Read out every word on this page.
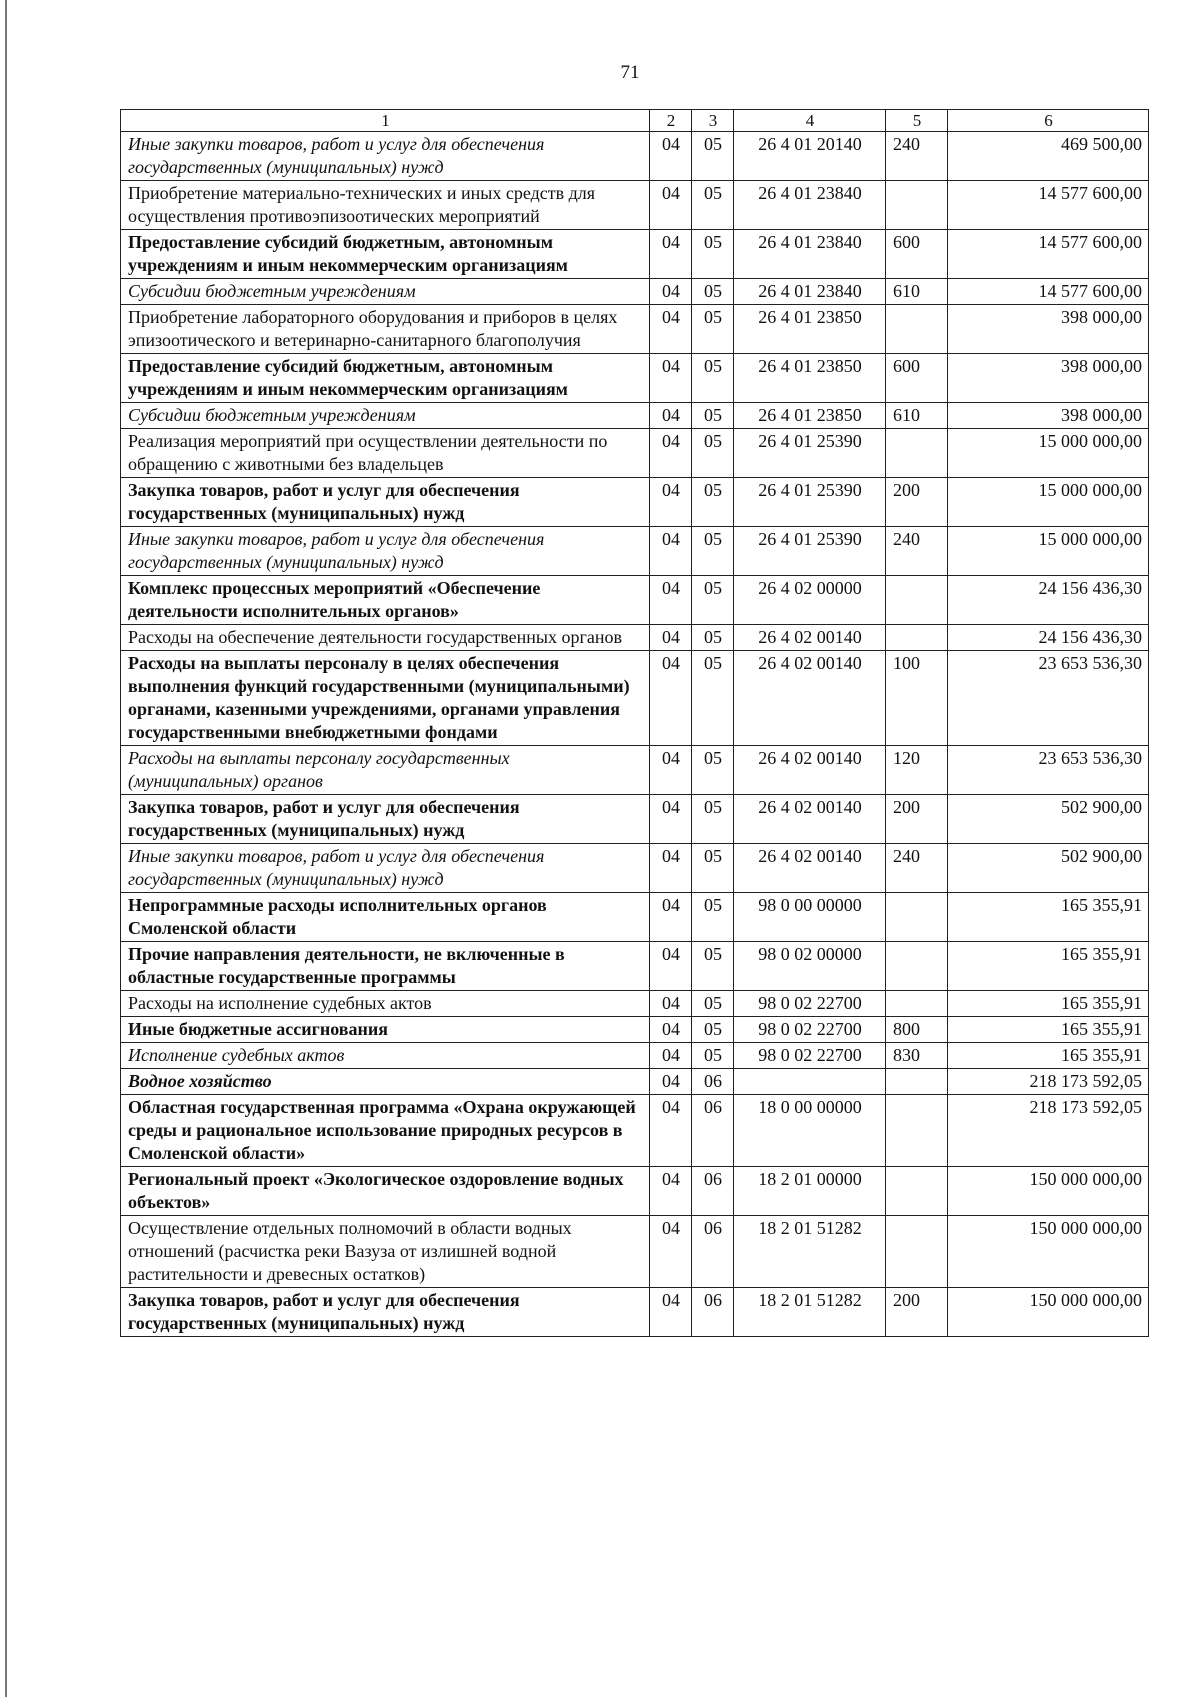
71
1	2	3	4	5	6
Иные закупки товаров, работ и услуг для обеспечения государственных (муниципальных) нужд	04	05	26 4 01 20140	240	469 500,00
Приобретение материально-технических и иных средств для осуществления противоэпизоотических мероприятий	04	05	26 4 01 23840		14 577 600,00
Предоставление субсидий бюджетным, автономным учреждениям и иным некоммерческим организациям	04	05	26 4 01 23840	600	14 577 600,00
Субсидии бюджетным учреждениям	04	05	26 4 01 23840	610	14 577 600,00
Приобретение лабораторного оборудования и приборов в целях эпизоотического и ветеринарно-санитарного благополучия	04	05	26 4 01 23850		398 000,00
Предоставление субсидий бюджетным, автономным учреждениям и иным некоммерческим организациям	04	05	26 4 01 23850	600	398 000,00
Субсидии бюджетным учреждениям	04	05	26 4 01 23850	610	398 000,00
Реализация мероприятий при осуществлении деятельности по обращению с животными без владельцев	04	05	26 4 01 25390		15 000 000,00
Закупка товаров, работ и услуг для обеспечения государственных (муниципальных) нужд	04	05	26 4 01 25390	200	15 000 000,00
Иные закупки товаров, работ и услуг для обеспечения государственных (муниципальных) нужд	04	05	26 4 01 25390	240	15 000 000,00
Комплекс процессных мероприятий «Обеспечение деятельности исполнительных органов»	04	05	26 4 02 00000		24 156 436,30
Расходы на обеспечение деятельности государственных органов	04	05	26 4 02 00140		24 156 436,30
Расходы на выплаты персоналу в целях обеспечения выполнения функций государственными (муниципальными) органами, казенными учреждениями, органами управления государственными внебюджетными фондами	04	05	26 4 02 00140	100	23 653 536,30
Расходы на выплаты персоналу государственных (муниципальных) органов	04	05	26 4 02 00140	120	23 653 536,30
Закупка товаров, работ и услуг для обеспечения государственных (муниципальных) нужд	04	05	26 4 02 00140	200	502 900,00
Иные закупки товаров, работ и услуг для обеспечения государственных (муниципальных) нужд	04	05	26 4 02 00140	240	502 900,00
Непрограммные расходы исполнительных органов Смоленской области	04	05	98 0 00 00000		165 355,91
Прочие направления деятельности, не включенные в областные государственные программы	04	05	98 0 02 00000		165 355,91
Расходы на исполнение судебных актов	04	05	98 0 02 22700		165 355,91
Иные бюджетные ассигнования	04	05	98 0 02 22700	800	165 355,91
Исполнение судебных актов	04	05	98 0 02 22700	830	165 355,91
Водное хозяйство	04	06			218 173 592,05
Областная государственная программа «Охрана окружающей среды и рациональное использование природных ресурсов в Смоленской области»	04	06	18 0 00 00000		218 173 592,05
Региональный проект «Экологическое оздоровление водных объектов»	04	06	18 2 01 00000		150 000 000,00
Осуществление отдельных полномочий в области водных отношений (расчистка реки Вазуза от излишней водной растительности и древесных остатков)	04	06	18 2 01 51282		150 000 000,00
Закупка товаров, работ и услуг для обеспечения государственных (муниципальных) нужд	04	06	18 2 01 51282	200	150 000 000,00
